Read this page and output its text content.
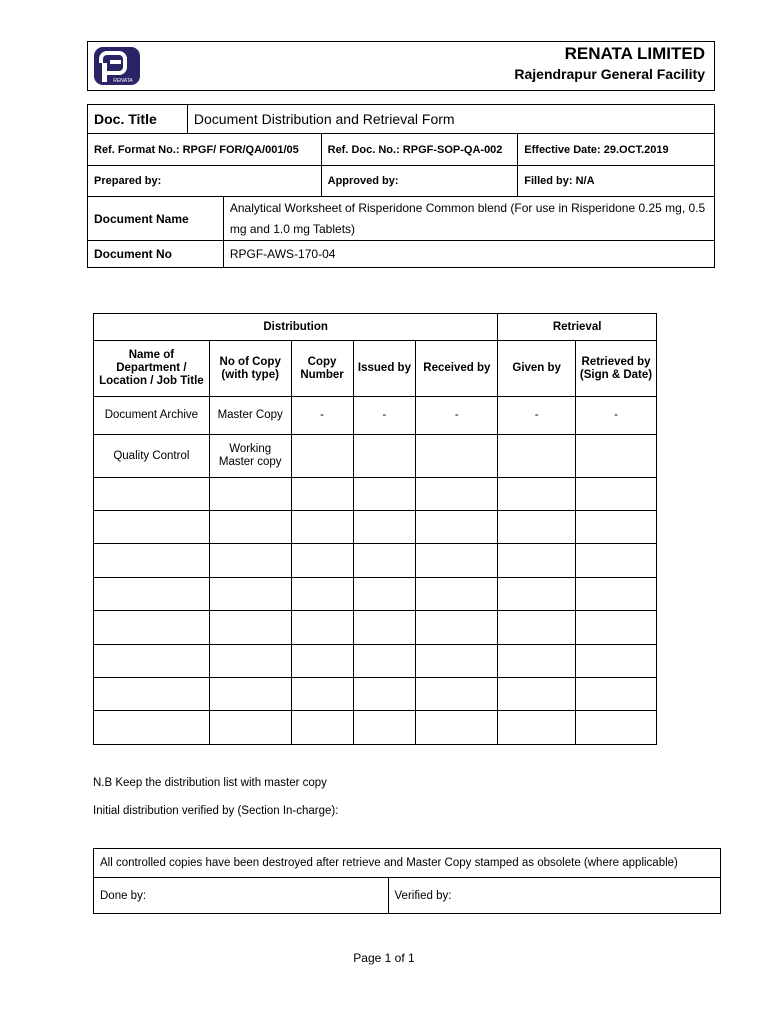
RENATA
RENATA LIMITED
Rajendrapur General Facility
Doc. Title	Document Distribution and Retrieval Form			
Ref. Format No.: RPGF/ FOR/QA/001/05			Ref. Doc. No.: RPGF-SOP-QA-002	Effective Date: 29.OCT.2019
Prepared by:			Approved by:	Filled by: N/A
Document Name		Analytical Worksheet of Risperidone Common blend (For use in Risperidone 0.25 mg, 0.5 mg and 1.0 mg Tablets)		
Document No		RPGF-AWS-170-04		
Distribution					Retrieval	
Name of Department / Location / Job Title	No of Copy (with type)	Copy Number	Issued by	Received by	Given by	Retrieved by (Sign & Date)
Document Archive	Master Copy	-	-	-	-	-
Quality Control	Working Master copy					

N.B Keep the distribution list with master copy
Initial distribution verified by (Section In-charge):
All controlled copies have been destroyed after retrieve and Master Copy stamped as obsolete (where applicable)
Done by:	Verified by:
Page 1 of 1
